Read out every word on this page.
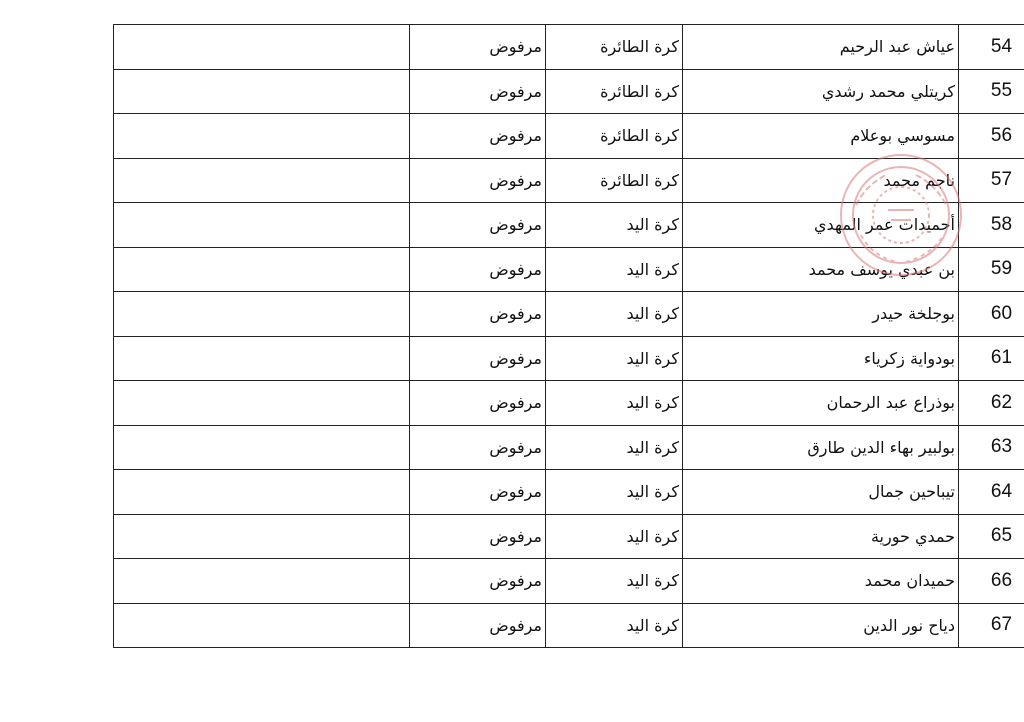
	مرفوض	كرة الطائرة	عياش عبد الرحيم	54

	مرفوض	كرة الطائرة	كريتلي محمد رشدي	55

	مرفوض	كرة الطائرة	مسوسي بوعلام	56

	مرفوض	كرة الطائرة	ناجم محمد	57

	مرفوض	كرة اليد	أحميدات عمر المهدي	58

	مرفوض	كرة اليد	بن عبدي يوسف محمد	59

	مرفوض	كرة اليد	بوجلخة حيدر	60

	مرفوض	كرة اليد	بودواية زكرياء	61

	مرفوض	كرة اليد	بوذراع عبد الرحمان	62

	مرفوض	كرة اليد	بولبير بهاء الدين طارق	63

	مرفوض	كرة اليد	تيباحين جمال	64

	مرفوض	كرة اليد	حمدي حورية	65

	مرفوض	كرة اليد	حميدان محمد	66

	مرفوض	كرة اليد	دياح نور الدين	67
